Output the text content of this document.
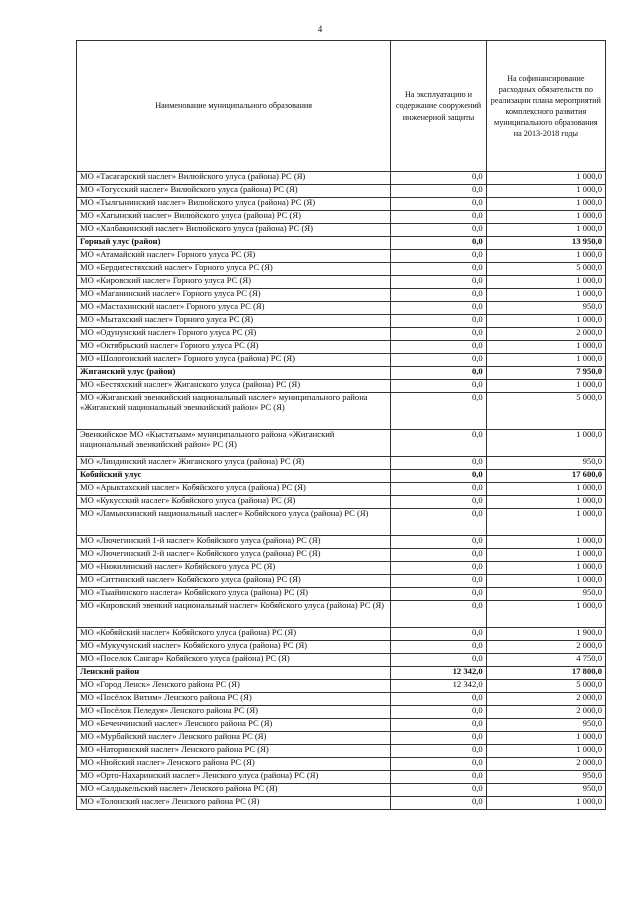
4
Наименование муниципального образования	На эксплуатацию и содержание сооружений инженерной защиты	На софинансирование расходных обязательств по реализации плана мероприятий комплексного развития муниципального образования на 2013-2018 годы
МО «Тасагарский наслег» Вилюйского улуса (района) РС (Я)	0,0	1 000,0
МО «Тогусский наслег» Вилюйского улуса (района) РС (Я)	0,0	1 000,0
МО «Тылгынинский наслег» Вилюйского улуса (района) РС (Я)	0,0	1 000,0
МО «Хагынский наслег» Вилюйского улуса (района) РС (Я)	0,0	1 000,0
МО «Халбакинский наслег» Вилюйского улуса (района) РС (Я)	0,0	1 000,0
Горный улус (район)	0,0	13 950,0
МО «Атамайский наслег» Горного улуса РС (Я)	0,0	1 000,0
МО «Бердигестяхский наслег» Горного улуса РС (Я)	0,0	5 000,0
МО «Кировский наслег» Горного улуса РС (Я)	0,0	1 000,0
МО «Маганинский наслег» Горного улуса РС (Я)	0,0	1 000,0
МО «Мастахинский наслег» Горного улуса РС (Я)	0,0	950,0
МО «Мытахский наслег» Горного улуса РС (Я)	0,0	1 000,0
МО «Одунунский наслег» Горного улуса РС (Я)	0,0	2 000,0
МО «Октябрьский наслег» Горного улуса РС (Я)	0,0	1 000,0
МО «Шологонский наслег» Горного улуса (района) РС (Я)	0,0	1 000,0
Жиганский улус (район)	0,0	7 950,0
МО «Бестяхский наслег» Жиганского улуса (района) РС (Я)	0,0	1 000,0
МО «Жиганский эвенкийский национальный наслег» муниципального района «Жиганский национальный эвенкийский район» РС (Я)	0,0	5 000,0
Эвенкийское МО «Кыстатыам» муниципального района «Жиганский национальный эвенкийский район» РС (Я)	0,0	1 000,0
МО «Линдинский наслег» Жиганского улуса (района) РС (Я)	0,0	950,0
Кобяйский улус	0,0	17 600,0
МО «Арыктахский наслег» Кобяйского улуса (района) РС (Я)	0,0	1 000,0
МО «Кукусский наслег» Кобяйского улуса (района) РС (Я)	0,0	1 000,0
МО «Ламынхинский национальный наслег» Кобяйского улуса (района) РС (Я)	0,0	1 000,0
МО «Лючегинский 1-й наслег» Кобяйского улуса (района) РС (Я)	0,0	1 000,0
МО «Лючегинский 2-й наслег» Кобяйского улуса (района) РС (Я)	0,0	1 000,0
МО «Нижилинский наслег» Кобяйского улуса РС (Я)	0,0	1 000,0
МО «Ситтинский наслег» Кобяйского улуса (района) РС (Я)	0,0	1 000,0
МО «Тыайинского наслега» Кобяйского улуса (района) РС (Я)	0,0	950,0
МО «Кировский эвенкий национальный наслег» Кобяйского улуса (района) РС (Я)	0,0	1 000,0
МО «Кобяйский наслег» Кобяйского улуса (района) РС (Я)	0,0	1 900,0
МО «Мукучунский наслег» Кобяйского улуса (района) РС (Я)	0,0	2 000,0
МО «Поселок Сангар» Кобяйского улуса (района) РС (Я)	0,0	4 750,0
Ленский район	12 342,0	17 800,0
МО «Город Ленск» Ленского района РС (Я)	12 342,0	5 000,0
МО «Посёлок Витим» Ленского района РС (Я)	0,0	2 000,0
МО «Посёлок Пеледуя» Ленского района РС (Я)	0,0	2 000,0
МО «Беченчинский наслег» Ленского района РС (Я)	0,0	950,0
МО «Мурбайский наслег» Ленского района РС (Я)	0,0	1 000,0
МО «Натоpинский наслег» Ленского района РС (Я)	0,0	1 000,0
МО «Нюйский наслег» Ленского района РС (Я)	0,0	2 000,0
МО «Орто-Нахаринский наслег» Ленского улуса (района) РС (Я)	0,0	950,0
МО «Салдыкельский наслег» Ленского района РС (Я)	0,0	950,0
МО «Толонский наслег» Ленского района РС (Я)	0,0	1 000,0
